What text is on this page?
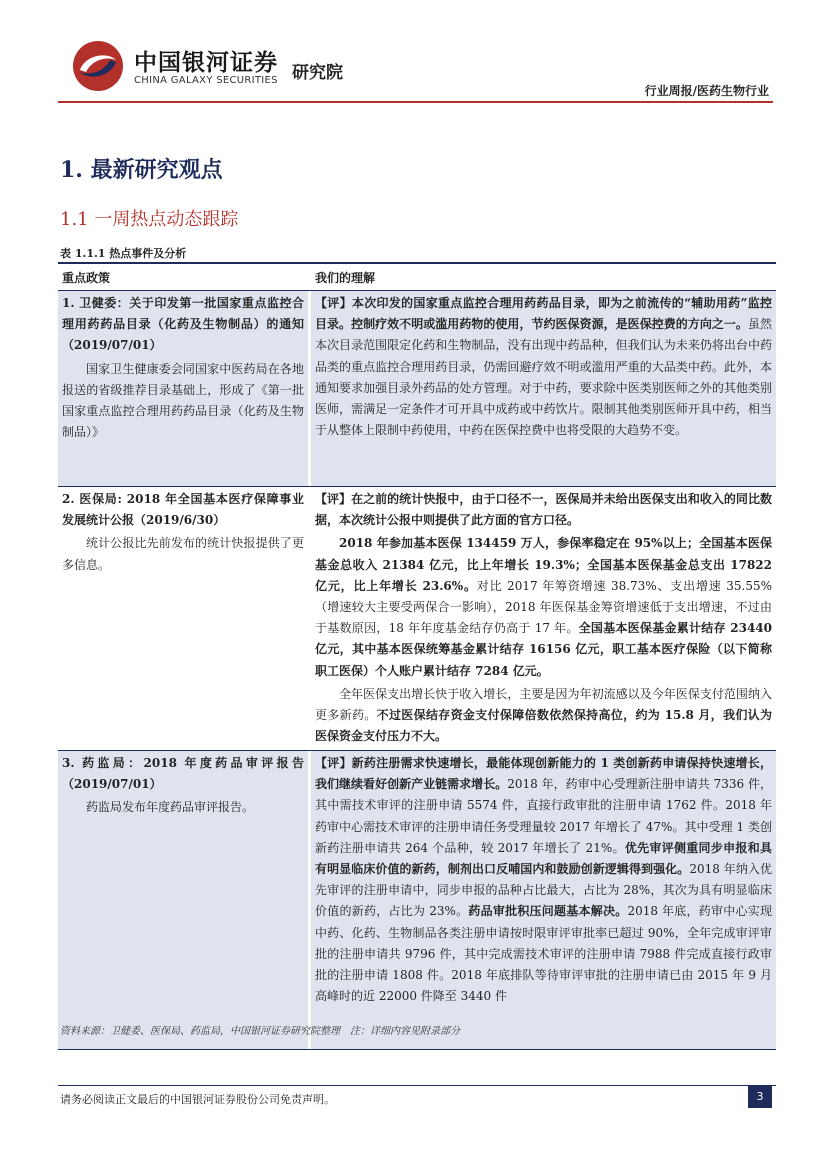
中国银河证券
CHINA GALAXY SECURITIES 研究院
行业周报/医药生物行业
1. 最新研究观点
1.1 一周热点动态跟踪
表 1.1.1 热点事件及分析
重点政策	我们的理解
1. 卫健委：关于印发第一批国家重点监控合理用药药品目录（化药及生物制品）的通知（2019/07/01）
国家卫生健康委会同国家中医药局在各地报送的省级推荐目录基础上，形成了《第一批国家重点监控合理用药药品目录（化药及生物制品）》
【评】本次印发的国家重点监控合理用药药品目录，即为之前流传的“辅助用药”监控目录。控制疗效不明或滥用药物的使用，节约医保资源，是医保控费的方向之一。虽然本次目录范围限定化药和生物制品，没有出现中药品种，但我们认为未来仍将出台中药品类的重点监控合理用药目录，仍需回避疗效不明或滥用严重的大品类中药。此外，本通知要求加强目录外药品的处方管理。对于中药，要求除中医类别医师之外的其他类别医师，需满足一定条件才可开具中成药或中药饮片。限制其他类别医师开具中药，相当于从整体上限制中药使用，中药在医保控费中也将受限的大趋势不变。
2. 医保局: 2018 年全国基本医疗保障事业发展统计公报（2019/6/30）
统计公报比先前发布的统计快报提供了更多信息。
【评】在之前的统计快报中，由于口径不一，医保局并未给出医保支出和收入的同比数据，本次统计公报中则提供了此方面的官方口径。
2018 年参加基本医保 134459 万人，参保率稳定在 95%以上；全国基本医保基金总收入 21384 亿元，比上年增长 19.3%；全国基本医保基金总支出 17822 亿元，比上年增长 23.6%。对比 2017 年筹资增速 38.73%、支出增速 35.55%（增速较大主要受两保合一影响），2018 年医保基金筹资增速低于支出增速，不过由于基数原因，18 年年度基金结存仍高于 17 年。全国基本医保基金累计结存 23440 亿元，其中基本医保统筹基金累计结存 16156 亿元，职工基本医疗保险（以下简称职工医保）个人账户累计结存 7284 亿元。
全年医保支出增长快于收入增长，主要是因为年初流感以及今年医保支付范围纳入更多新药。不过医保结存资金支付保障倍数依然保持高位，约为 15.8 月，我们认为医保资金支付压力不大。
3. 药监局：2018 年度药品审评报告（2019/07/01）
药监局发布年度药品审评报告。
【评】新药注册需求快速增长，最能体现创新能力的 1 类创新药申请保持快速增长，我们继续看好创新产业链需求增长。2018 年，药审中心受理新注册申请共 7336 件，其中需技术审评的注册申请 5574 件，直接行政审批的注册申请 1762 件。2018 年药审中心需技术审评的注册申请任务受理量较 2017 年增长了 47%。其中受理 1 类创新药注册申请共 264 个品种，较 2017 年增长了 21%。优先审评侧重同步申报和具有明显临床价值的新药，制剂出口反哺国内和鼓励创新逻辑得到强化。2018 年纳入优先审评的注册申请中，同步申报的品种占比最大，占比为 28%，其次为具有明显临床价值的新药，占比为 23%。药品审批积压问题基本解决。2018 年底，药审中心实现中药、化药、生物制品各类注册申请按时限审评审批率已超过 90%，全年完成审评审批的注册申请共 9796 件，其中完成需技术审评的注册申请 7988 件完成直接行政审批的注册申请 1808 件。2018 年底排队等待审评审批的注册申请已由 2015 年 9 月高峰时的近 22000 件降至 3440 件
资料来源：卫健委、医保局、药监局，中国银河证券研究院整理　注：详细内容见附录部分
请务必阅读正文最后的中国银河证券股份公司免责声明。	3
